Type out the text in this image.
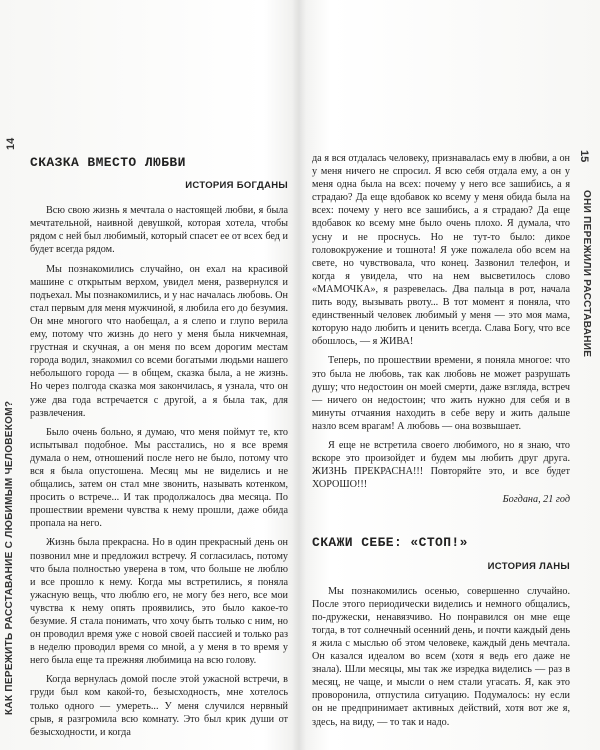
КАК ПЕРЕЖИТЬ РАССТАВАНИЕ С ЛЮБИМЫМ ЧЕЛОВЕКОМ?
14
ОНИ ПЕРЕЖИЛИ РАССТАВАНИЕ
15
СКАЗКА ВМЕСТО ЛЮБВИ
ИСТОРИЯ БОГДАНЫ

Всю свою жизнь я мечтала о настоящей любви, я была мечтательной, наивной девушкой, которая хотела, чтобы рядом с ней был любимый, который спасет ее от всех бед и будет всегда рядом.

Мы познакомились случайно, он ехал на красивой машине с открытым верхом, увидел меня, развернулся и подъехал. Мы познакомились, и у нас началась любовь. Он стал первым для меня мужчиной, я любила его до безумия. Он мне многого что наобещал, а я слепо и глупо верила ему, потому что жизнь до него у меня была никчемная, грустная и скучная, а он меня по всем дорогим местам города водил, знакомил со всеми богатыми людьми нашего небольшого города — в общем, сказка была, а не жизнь. Но через полгода сказка моя закончилась, я узнала, что он уже два года встречается с другой, а я была так, для развлечения.

Было очень больно, я думаю, что меня поймут те, кто испытывал подобное. Мы расстались, но я все время думала о нем, отношений после него не было, потому что вся я была опустошена. Месяц мы не виделись и не общались, затем он стал мне звонить, называть котенком, просить о встрече... И так продолжалось два месяца. По прошествии времени чувства к нему прошли, даже обида пропала на него.

Жизнь была прекрасна. Но в один прекрасный день он позвонил мне и предложил встречу. Я согласилась, потому что была полностью уверена в том, что больше не люблю и все прошло к нему. Когда мы встретились, я поняла ужасную вещь, что люблю его, не могу без него, все мои чувства к нему опять проявились, это было какое-то безумие. Я стала понимать, что хочу быть только с ним, но он проводил время уже с новой своей пассией и только раз в неделю проводил время со мной, а у меня в то время у него была еще та прежняя любимица на всю голову.

Когда вернулась домой после этой ужасной встречи, в груди был ком какой-то, безысходность, мне хотелось только одного — умереть... У меня случился нервный срыв, я разгромила всю комнату. Это был крик души от безысходности, и когда

да я вся отдалась человеку, признавалась ему в любви, а он у меня ничего не спросил. Я всю себя отдала ему, а он у меня одна была на всех: почему у него все зашибись, а я страдаю? Да еще вдобавок ко всему у меня обида была на всех: почему у него все зашибись, а я страдаю? Да еще вдобавок ко всему мне было очень плохо. Я думала, что усну и не проснусь. Но не тут-то было: дикое головокружение и тошнота! Я уже пожалела обо всем на свете, но чувствовала, что конец. Зазвонил телефон, и когда я увидела, что на нем высветилось слово «МАМОЧКА», я разревелась. Два пальца в рот, начала пить воду, вызывать рвоту... В тот момент я поняла, что единственный человек любимый у меня — это моя мама, которую надо любить и ценить всегда. Слава Богу, что все обошлось, — я ЖИВА!

Теперь, по прошествии времени, я поняла многое: что это была не любовь, так как любовь не может разрушать душу; что недостоин он моей смерти, даже взгляда, встреч — ничего он недостоин; что жить нужно для себя и в минуты отчаяния находить в себе веру и жить дальше назло всем врагам! А любовь — она возвышает.

Я еще не встретила своего любимого, но я знаю, что вскоре это произойдет и будем мы любить друг друга. ЖИЗНЬ ПРЕКРАСНА!!! Повторяйте это, и все будет ХОРОШО!!!

Богдана, 21 год
СКАЖИ СЕБЕ: «СТОП!»
ИСТОРИЯ ЛАНЫ

Мы познакомились осенью, совершенно случайно. После этого периодически виделись и немного общались, по-дружески, ненавязчиво. Но понравился он мне еще тогда, в тот солнечный осенний день, и почти каждый день я жила с мыслью об этом человеке, каждый день мечтала. Он казался идеалом во всем (хотя я ведь его даже не знала). Шли месяцы, мы так же изредка виделись — раз в месяц, не чаще, и мысли о нем стали угасать. Я, как это проворонила, отпустила ситуацию. Подумалось: ну если он не предпринимает активных действий, хотя вот же я, здесь, на виду, — то так и надо.
